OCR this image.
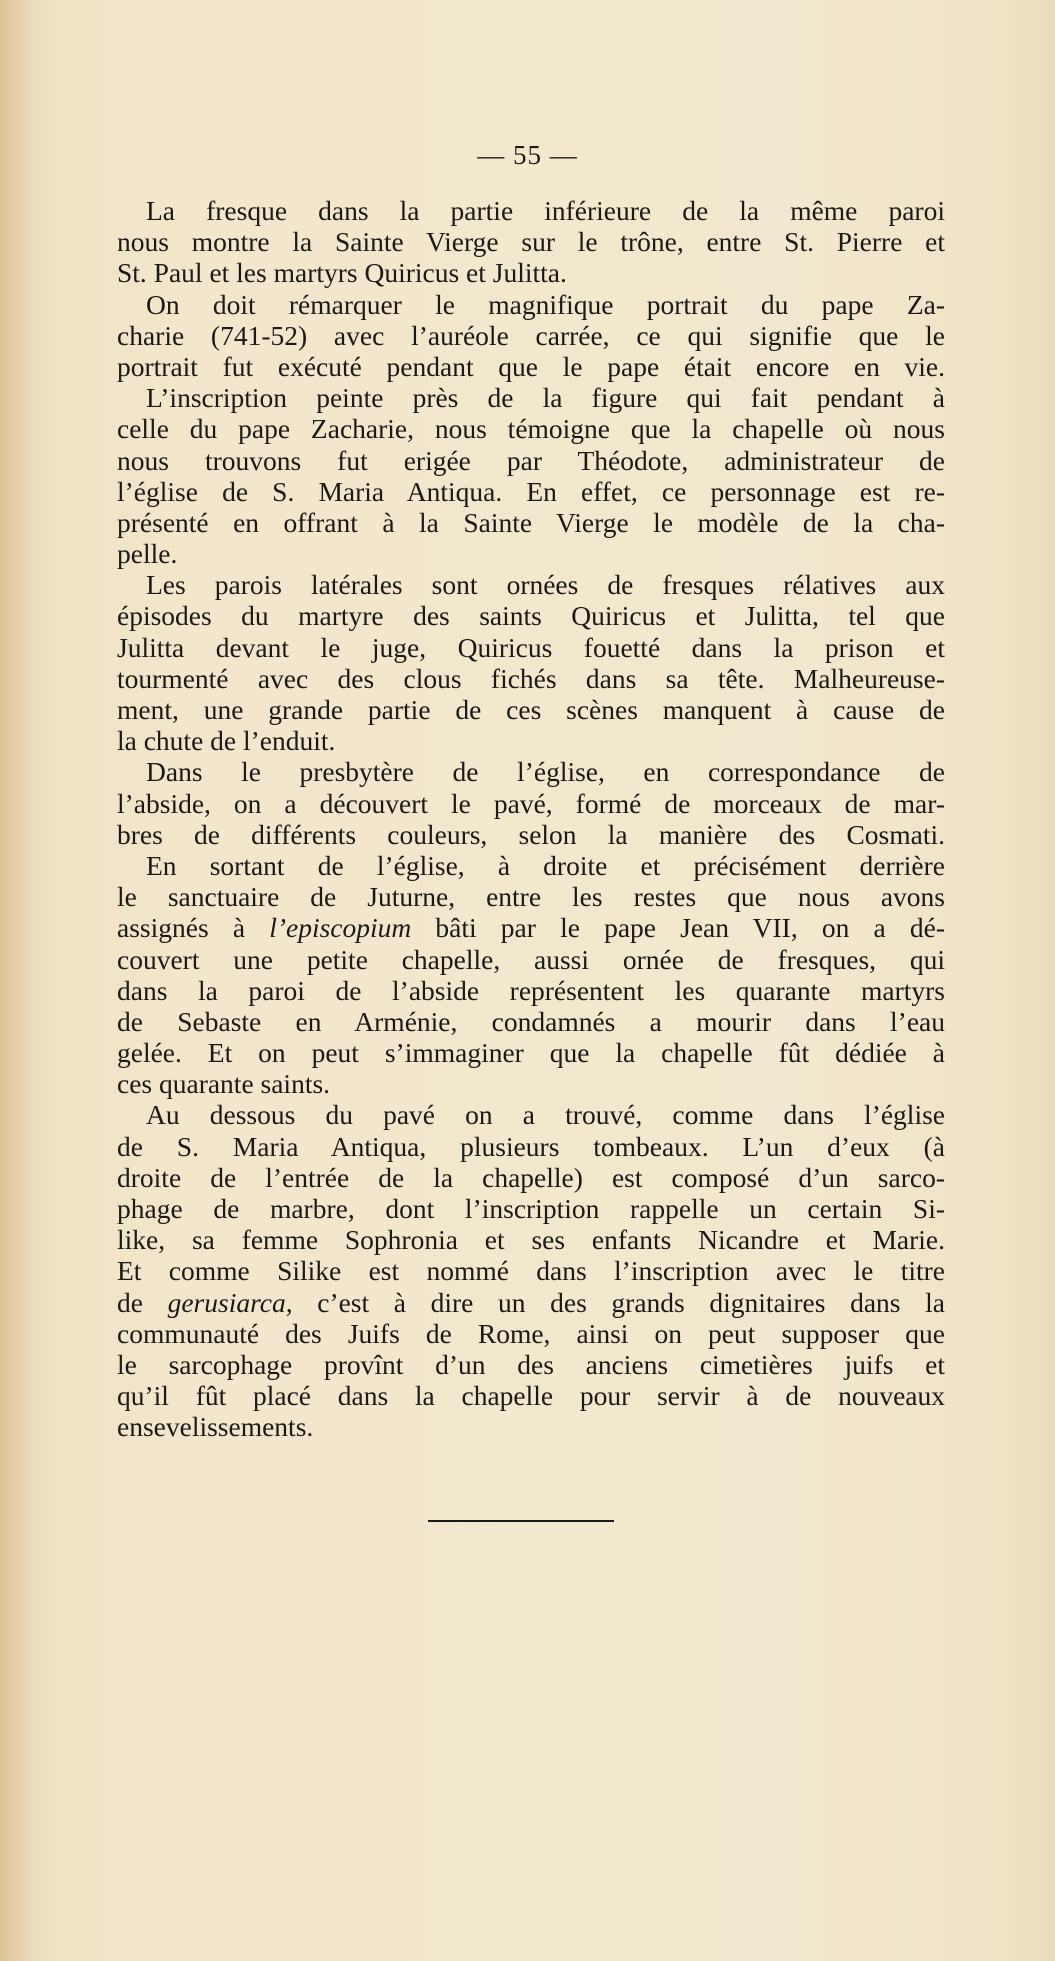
— 55 —
La fresque dans la partie inférieure de la même paroi
nous montre la Sainte Vierge sur le trône, entre St. Pierre et
St. Paul et les martyrs Quiricus et Julitta.
On doit rémarquer le magnifique portrait du pape Za-
charie (741-52) avec l’auréole carrée, ce qui signifie que le
portrait fut exécuté pendant que le pape était encore en vie.
L’inscription peinte près de la figure qui fait pendant à
celle du pape Zacharie, nous témoigne que la chapelle où nous
nous trouvons fut erigée par Théodote, administrateur de
l’église de S. Maria Antiqua. En effet, ce personnage est re-
présenté en offrant à la Sainte Vierge le modèle de la cha-
pelle.
Les parois latérales sont ornées de fresques rélatives aux
épisodes du martyre des saints Quiricus et Julitta, tel que
Julitta devant le juge, Quiricus fouetté dans la prison et
tourmenté avec des clous fichés dans sa tête. Malheureuse-
ment, une grande partie de ces scènes manquent à cause de
la chute de l’enduit.
Dans le presbytère de l’église, en correspondance de
l’abside, on a découvert le pavé, formé de morceaux de mar-
bres de différents couleurs, selon la manière des Cosmati.
En sortant de l’église, à droite et précisément derrière
le sanctuaire de Juturne, entre les restes que nous avons
assignés à l’episcopium bâti par le pape Jean VII, on a dé-
couvert une petite chapelle, aussi ornée de fresques, qui
dans la paroi de l’abside représentent les quarante martyrs
de Sebaste en Arménie, condamnés a mourir dans l’eau
gelée. Et on peut s’immaginer que la chapelle fût dédiée à
ces quarante saints.
Au dessous du pavé on a trouvé, comme dans l’église
de S. Maria Antiqua, plusieurs tombeaux. L’un d’eux (à
droite de l’entrée de la chapelle) est composé d’un sarco-
phage de marbre, dont l’inscription rappelle un certain Si-
like, sa femme Sophronia et ses enfants Nicandre et Marie.
Et comme Silike est nommé dans l’inscription avec le titre
de gerusiarca, c’est à dire un des grands dignitaires dans la
communauté des Juifs de Rome, ainsi on peut supposer que
le sarcophage provînt d’un des anciens cimetières juifs et
qu’il fût placé dans la chapelle pour servir à de nouveaux
ensevelissements.
